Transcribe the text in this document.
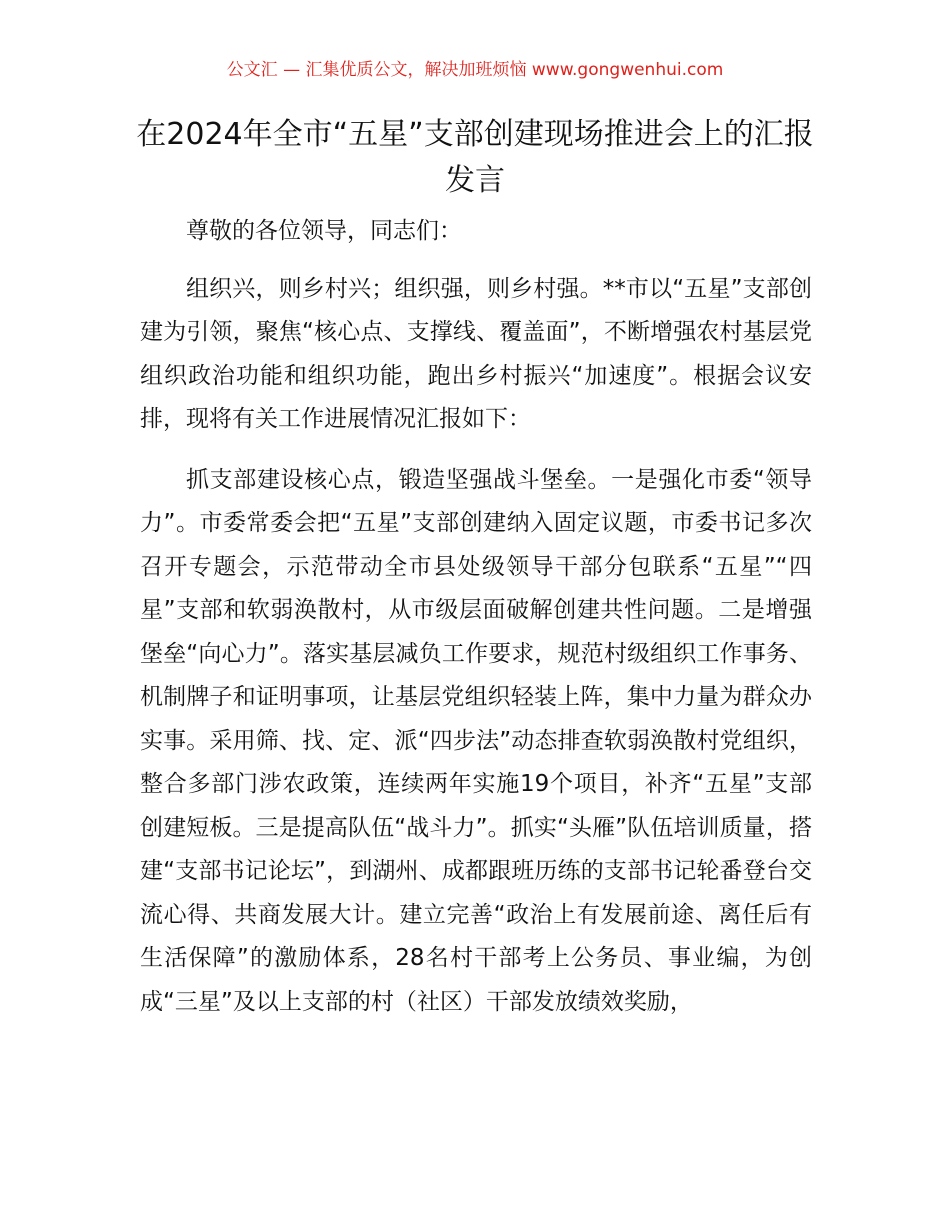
公文汇 — 汇集优质公文，解决加班烦恼 www.gongwenhui.com
在2024年全市“五星”支部创建现场推进会上的汇报发言

尊敬的各位领导，同志们：

组织兴，则乡村兴；组织强，则乡村强。**市以“五星”支部创建为引领，聚焦“核心点、支撑线、覆盖面”，不断增强农村基层党组织政治功能和组织功能，跑出乡村振兴“加速度”。根据会议安排，现将有关工作进展情况汇报如下：

抓支部建设核心点，锻造坚强战斗堡垒。一是强化市委“领导力”。市委常委会把“五星”支部创建纳入固定议题，市委书记多次召开专题会，示范带动全市县处级领导干部分包联系“五星”“四星”支部和软弱涣散村，从市级层面破解创建共性问题。二是增强堡垒“向心力”。落实基层减负工作要求，规范村级组织工作事务、机制牌子和证明事项，让基层党组织轻装上阵，集中力量为群众办实事。采用筛、找、定、派“四步法”动态排查软弱涣散村党组织，整合多部门涉农政策，连续两年实施19个项目，补齐“五星”支部创建短板。三是提高队伍“战斗力”。抓实“头雁”队伍培训质量，搭建“支部书记论坛”，到湖州、成都跟班历练的支部书记轮番登台交流心得、共商发展大计。建立完善“政治上有发展前途、离任后有生活保障”的激励体系，28名村干部考上公务员、事业编，为创成“三星”及以上支部的村（社区）干部发放绩效奖励，
